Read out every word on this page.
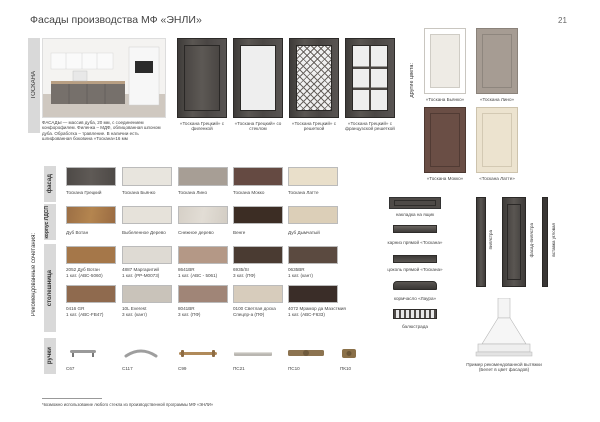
Фасады производства МФ «ЭНЛИ»	21
ТОСКАНА
ФАСАДЫ — массив дуба, 20 мм, с соединением конфорофилем. Филенка – МДФ, облицованная шпоном дуба. Обработка – травление. В наличии есть шлифованная боковина «Тоскана»16 мм
«Тоскана Грецкий» с филенкой
«Тоскана Грецкий» со стеклом
«Тоскана Грецкий» с решеткой
«Тоскана Грецкий» с французской решеткой
другие цвета:
«Тоскана Бьянко»	«Тоскана Лино»
«Тоскана Мокко»	«Тоскана Латте»
Рекомендованные сочетания:
фасад
корпус ЛДСП
столешница
ручки
Тоскана Грецкий	Тоскана Бьянко	Тоскана Лино	Тоскана Мокко	Тоскана Латте
Дуб Вотан	Выбеленное Дерево	Снежное дерево	Венге	Дуб Дымчатый
2052 Дуб Вотан
1 кат. (АВС-5060)
4887 Маргаритий
1 кат. (РР-М0073)
8641BR
1 кат. (АВС - 5061)
6935/SI
3 кат. (ПФ)
0635BR
1 кат. (кант)
0416 GR
1 кат. (АВС-FB47)
10L Everest
3 кат. (кант)
8041BR
3 кат. (ПФ)
0100 Светлая доска
Спецпр-а (ПФ)
4072 Мрамор да Маэстмия
1 кат. (АВС-F633)
С67	С117	С99	ПС21	ПС10	ПК10
накладка на ящик
карниз прямой «Тоскана»
цоколь прямой «Тоскана»
кормчасло «Лаура»
балюстрада
пилястра	фасад-пилястра	вставка угловая
Пример рекомендованной вытяжки
(Белет в цвет фасадов)
*возможно использование любого стекла из производственной программы МФ «ЭНЛИ»
